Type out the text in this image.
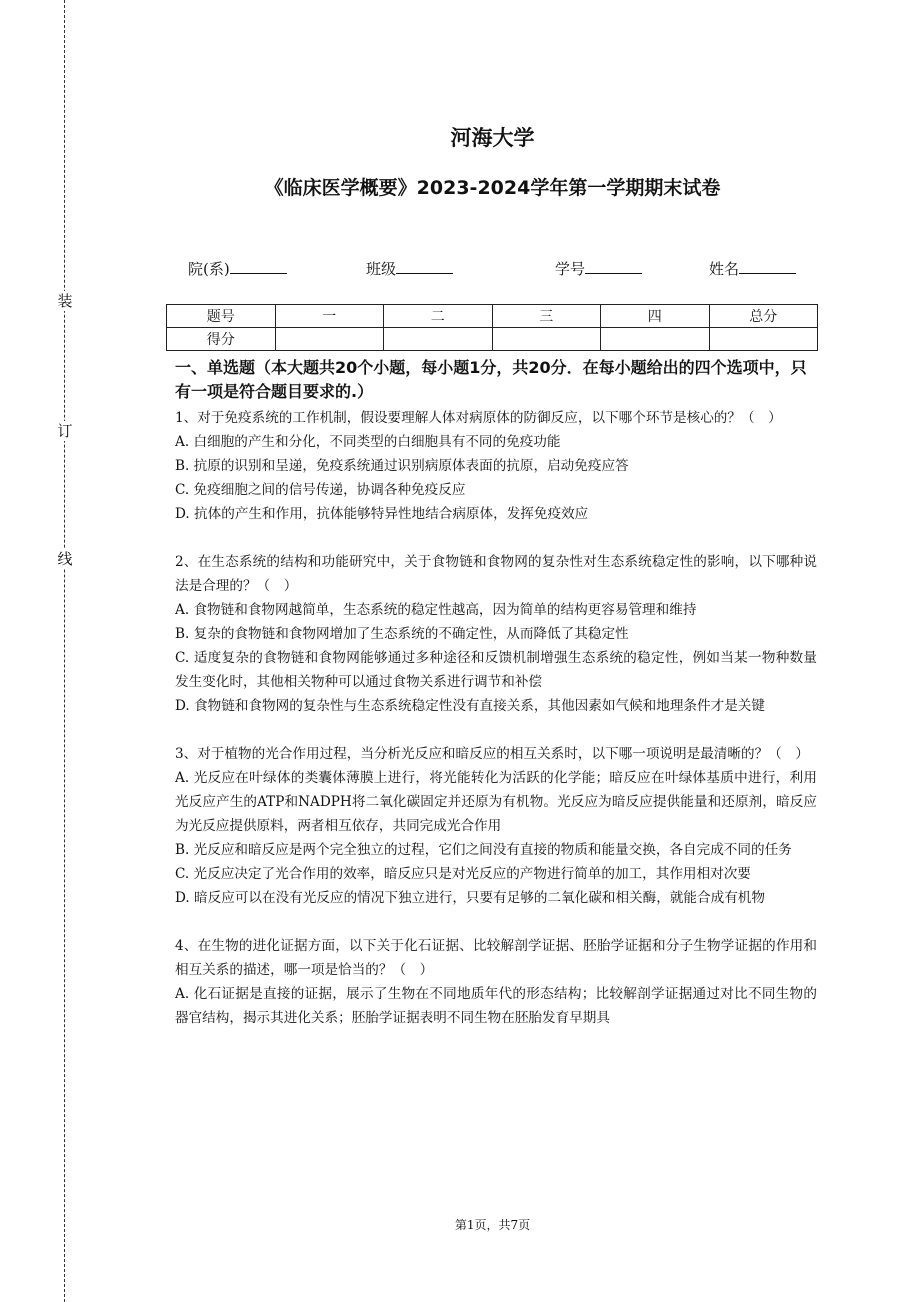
装
订
线
河海大学
《临床医学概要》2023-2024学年第一学期期末试卷
院(系)	班级	学号	姓名
题号	一	二	三	四	总分
得分					
一、单选题（本大题共20个小题，每小题1分，共20分．在每小题给出的四个选项中，只有一项是符合题目要求的.）

1、对于免疫系统的工作机制，假设要理解人体对病原体的防御反应，以下哪个环节是核心的？（　）

A. 白细胞的产生和分化，不同类型的白细胞具有不同的免疫功能

B. 抗原的识别和呈递，免疫系统通过识别病原体表面的抗原，启动免疫应答

C. 免疫细胞之间的信号传递，协调各种免疫反应

D. 抗体的产生和作用，抗体能够特异性地结合病原体，发挥免疫效应

2、在生态系统的结构和功能研究中，关于食物链和食物网的复杂性对生态系统稳定性的影响，以下哪种说法是合理的？（　）

A. 食物链和食物网越简单，生态系统的稳定性越高，因为简单的结构更容易管理和维持

B. 复杂的食物链和食物网增加了生态系统的不确定性，从而降低了其稳定性

C. 适度复杂的食物链和食物网能够通过多种途径和反馈机制增强生态系统的稳定性，例如当某一物种数量发生变化时，其他相关物种可以通过食物关系进行调节和补偿

D. 食物链和食物网的复杂性与生态系统稳定性没有直接关系，其他因素如气候和地理条件才是关键

3、对于植物的光合作用过程，当分析光反应和暗反应的相互关系时，以下哪一项说明是最清晰的？（　）

A. 光反应在叶绿体的类囊体薄膜上进行，将光能转化为活跃的化学能；暗反应在叶绿体基质中进行，利用光反应产生的ATP和NADPH将二氧化碳固定并还原为有机物。光反应为暗反应提供能量和还原剂，暗反应为光反应提供原料，两者相互依存，共同完成光合作用

B. 光反应和暗反应是两个完全独立的过程，它们之间没有直接的物质和能量交换，各自完成不同的任务

C. 光反应决定了光合作用的效率，暗反应只是对光反应的产物进行简单的加工，其作用相对次要

D. 暗反应可以在没有光反应的情况下独立进行，只要有足够的二氧化碳和相关酶，就能合成有机物

4、在生物的进化证据方面，以下关于化石证据、比较解剖学证据、胚胎学证据和分子生物学证据的作用和相互关系的描述，哪一项是恰当的？（　）

A. 化石证据是直接的证据，展示了生物在不同地质年代的形态结构；比较解剖学证据通过对比不同生物的器官结构，揭示其进化关系；胚胎学证据表明不同生物在胚胎发育早期具

第1页，共7页
